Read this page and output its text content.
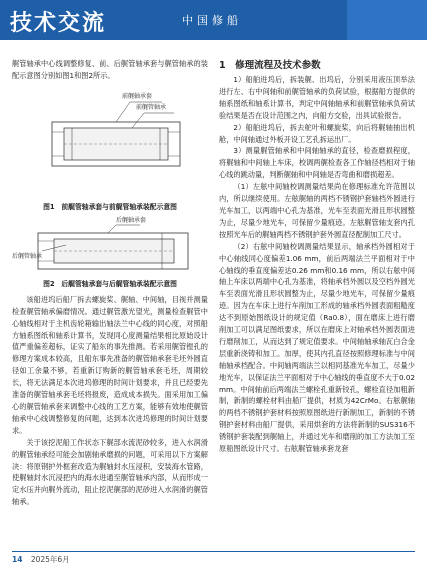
技术交流	中国修船

艉管轴承中心线调整修复、前、后艉管轴承套与艉管轴承的装配示意图分别如图1和图2所示。

前艉轴承套
前艉管轴承
图1　前艉管轴承套与前艉管轴承装配示意图
后艉轴承套
后艉管轴承
图2　后艉管轴承套与后艉管轴承装配示意图

该船进坞后船厂拆去螺旋桨、艉轴、中间轴，目视并测量检查艉管轴承偏磨情况。通过艉管激光望光，测量检查艉管中心轴线相对于主机齿轮箱输出轴法兰中心线的同心度，对照船方轴系图纸和轴系计算书，发现同心度测量结果相比原始设计值严重偏差超标，证实了船东的事先推测。若采用艉管镗孔的修理方案成本较高，且船东事先准备的艉管轴承套毛坯外圆直径如工余量不够，若重新订购新的艉管轴承套毛坯，周期较长，将无法满足本次进坞修理的时间计划要求，并且已经要先准备的艉管轴承套毛坯将报废，造成成本损失。面采用加工偏心的艉管轴承套来调整中心线的工艺方案，能够有效地使艉管轴承中心线调整修复的问题，达到本次进坞修理的时间计划要求。

关于该挖泥船工作状态下艉部水流泥砂较多，进入水润滑的艉管轴承经可能会加剧轴承磨损的问题，可采用以下方案解决：将原钢护外框套改造为艉轴封水压浸积，安装海水管路，使艉轴封水沉浸把内的海水进通至艉管轴承内部，从而形成一定水压并向艉外流动，阻止挖泥艉部的泥砂进入水润滑的艉管轴承。

1　修理流程及技术参数

1）船舶进坞后，拆装艉、出坞后，分别采用液压顶举法进行左、右中间轴和前艉管轴承的负荷试验，根据船方提供的轴系图纸和轴系计算书，判定中间轴轴承和前艉管轴承负荷试验结果是否在设计范围之内，向船方交验，出具试验报告。

2）船舶进坞后，拆去舵叶和螺旋桨，向后将艉轴抽出机舱，中间轴通过外板开设工艺孔拆运出厂。

3）测量艉管轴承和中间轴轴承的直径，检查磨损程度，将艉轴和中间轴上车床，校调两艉检查各工作轴径档相对于轴心线的跳动量，判断艉轴和中间轴是否弯曲和磨损超差。

（1）左舷中间轴校调测量结果尚在修理标准允许范围以内，所以继续使用。左舷艉轴的两档不锈钢护套轴档外圆进行光车加工，以两端中心孔为基准，光车至表面光滑且形状圆整为止，尽量少地光车，可保留少量痕迹。左舷艉管轴支套内孔按照光车后的艉轴两档不锈钢护套外圆直径配制加工尺寸。

（2）右舷中间轴校调测量结果显示，轴承档外圆相对于中心轴线同心度偏差1.06 mm，前后两端法兰平面相对于中心轴线的垂直度偏差达0.26 mm和0.16 mm，所以右舷中间轴上车床以两端中心孔为基准，将轴承档外圆以及空档外圆光车至表面光滑且形状圆整为止，尽量少地光车，可保留少量痕迹。因为在车床上进行车削加工形成的轴承档外圆表面粗糙度达不到原始图纸设计的规定值（Ra0.8），面在磨床上进行磨削加工可以满足图纸要求，所以在磨床上对轴承档外圆表面进行磨削加工，从而达到了规定值要求。中间轴轴承轴瓦白合金层重新浇铸和加工。加厚，使其内孔直径按照修理标准与中间轴轴承档配合。中间轴两端法兰以相同基准光车加工，尽量少地光车，以保证法兰平面相对于中心轴线的垂直度不大于0.02 mm。中间轴前后两端法兰螺栓孔重新铰孔，螺栓直径加粗新制，新制的螺栓材料由船厂提供，材质为42CrMo。右舷艉轴的两档不锈钢护套材料按照原图纸进行新制加工，新制的不锈钢护套材料由船厂提供，采用烘套的方法将新制的SUS316不锈钢护套装配到艉轴上，并通过光车和磨削的加工方法加工至原船图纸设计尺寸。右舷艉管轴承套龙套

14 2025年6月
